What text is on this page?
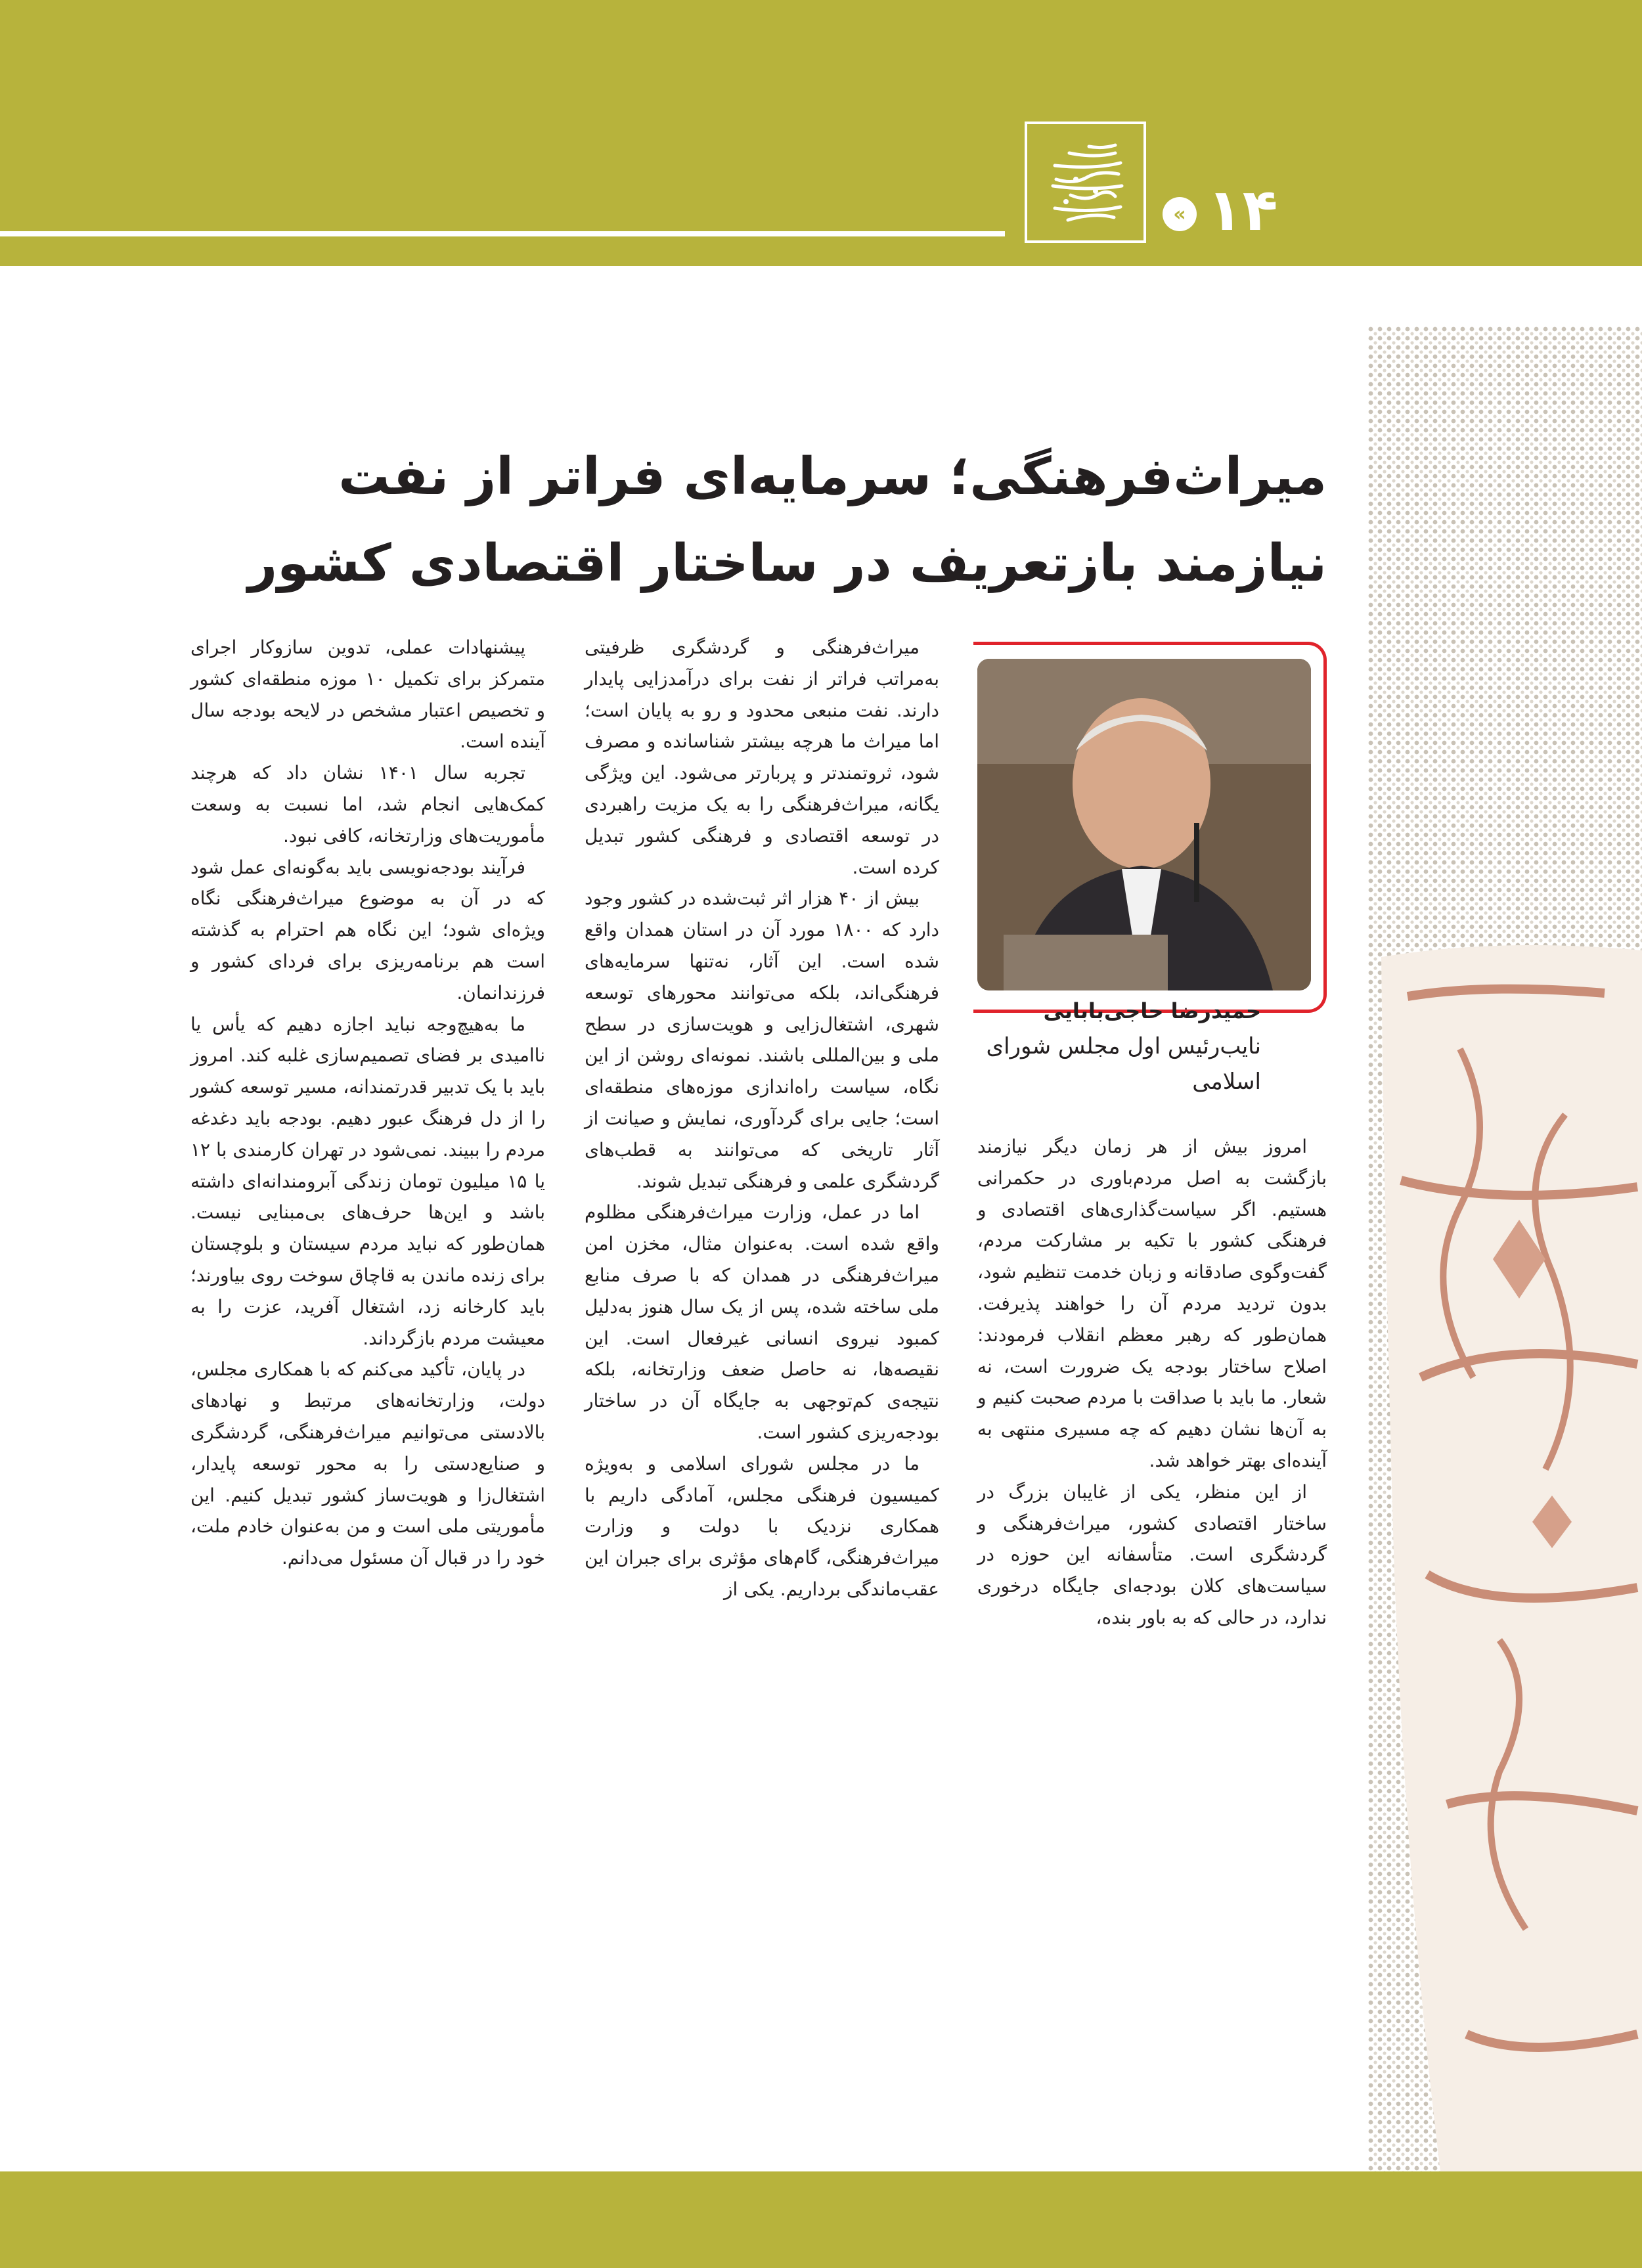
« ۱۴
میراث‌فرهنگی؛ سرمایه‌ای فراتر از نفت
نیازمند بازتعریف در ساختار اقتصادی کشور
حمیدرضا حاجی‌بابایی
نایب‌رئیس اول مجلس شورای اسلامی

امروز بیش از هر زمان دیگر نیازمند بازگشت به اصل مردم‌باوری در حکمرانی هستیم. اگر سیاست‌گذاری‌های اقتصادی و فرهنگی کشور با تکیه بر مشارکت مردم، گفت‌وگوی صادقانه و زبان خدمت تنظیم شود، بدون تردید مردم آن را خواهند پذیرفت. همان‌طور که رهبر معظم انقلاب فرمودند: اصلاح ساختار بودجه یک ضرورت است، نه شعار. ما باید با صداقت با مردم صحبت کنیم و به آن‌ها نشان دهیم که چه مسیری منتهی به آینده‌ای بهتر خواهد شد.

از این منظر، یکی از غایبان بزرگ در ساختار اقتصادی کشور، میراث‌فرهنگی و گردشگری است. متأسفانه این حوزه در سیاست‌های کلان بودجه‌ای جایگاه درخوری ندارد، در حالی که به باور بنده،

میراث‌فرهنگی و گردشگری ظرفیتی به‌مراتب فراتر از نفت برای درآمدزایی پایدار دارند. نفت منبعی محدود و رو به پایان است؛ اما میراث ما هرچه بیشتر شناسانده و مصرف شود، ثروتمندتر و پربارتر می‌شود. این ویژگی یگانه، میراث‌فرهنگی را به یک مزیت راهبردی در توسعه اقتصادی و فرهنگی کشور تبدیل کرده است.

بیش از ۴۰ هزار اثر ثبت‌شده در کشور وجود دارد که ۱۸۰۰ مورد آن در استان همدان واقع شده است. این آثار، نه‌تنها سرمایه‌های فرهنگی‌اند، بلکه می‌توانند محورهای توسعه شهری، اشتغال‌زایی و هویت‌سازی در سطح ملی و بین‌المللی باشند. نمونه‌ای روشن از این نگاه، سیاست راه‌اندازی موزه‌های منطقه‌ای است؛ جایی برای گردآوری، نمایش و صیانت از آثار تاریخی که می‌توانند به قطب‌های گردشگری علمی و فرهنگی تبدیل شوند.

اما در عمل، وزارت میراث‌فرهنگی مظلوم واقع شده است. به‌عنوان مثال، مخزن امن میراث‌فرهنگی در همدان که با صرف منابع ملی ساخته شده، پس از یک سال هنوز به‌دلیل کمبود نیروی انسانی غیرفعال است. این نقیصه‌ها، نه حاصل ضعف وزارتخانه، بلکه نتیجه‌ی کم‌توجهی به جایگاه آن در ساختار بودجه‌ریزی کشور است.

ما در مجلس شورای اسلامی و به‌ویژه کمیسیون فرهنگی مجلس، آمادگی داریم با همکاری نزدیک با دولت و وزارت میراث‌فرهنگی، گام‌های مؤثری برای جبران این عقب‌ماندگی برداریم. یکی از

پیشنهادات عملی، تدوین سازوکار اجرای متمرکز برای تکمیل ۱۰ موزه منطقه‌ای کشور و تخصیص اعتبار مشخص در لایحه بودجه سال آینده است.

تجربه سال ۱۴۰۱ نشان داد که هرچند کمک‌هایی انجام شد، اما نسبت به وسعت مأموریت‌های وزارتخانه، کافی نبود.

فرآیند بودجه‌نویسی باید به‌گونه‌ای عمل شود که در آن به موضوع میراث‌فرهنگی نگاه ویژه‌ای شود؛ این نگاه هم احترام به گذشته است هم برنامه‌ریزی برای فردای کشور و فرزندانمان.

ما به‌هیچ‌وجه نباید اجازه دهیم که یأس یا ناامیدی بر فضای تصمیم‌سازی غلبه کند. امروز باید با یک تدبیر قدرتمندانه، مسیر توسعه کشور را از دل فرهنگ عبور دهیم. بودجه باید دغدغه مردم را ببیند. نمی‌شود در تهران کارمندی با ۱۲ یا ۱۵ میلیون تومان زندگی آبرومندانه‌ای داشته باشد و این‌ها حرف‌های بی‌مبنایی نیست. همان‌طور که نباید مردم سیستان و بلوچستان برای زنده ماندن به قاچاق سوخت روی بیاورند؛ باید کارخانه زد، اشتغال آفرید، عزت را به معیشت مردم بازگرداند.

در پایان، تأکید می‌کنم که با همکاری مجلس، دولت، وزارتخانه‌های مرتبط و نهادهای بالادستی می‌توانیم میراث‌فرهنگی، گردشگری و صنایع‌دستی را به محور توسعه پایدار، اشتغال‌زا و هویت‌ساز کشور تبدیل کنیم. این مأموریتی ملی است و من به‌عنوان خادم ملت، خود را در قبال آن مسئول می‌دانم.
